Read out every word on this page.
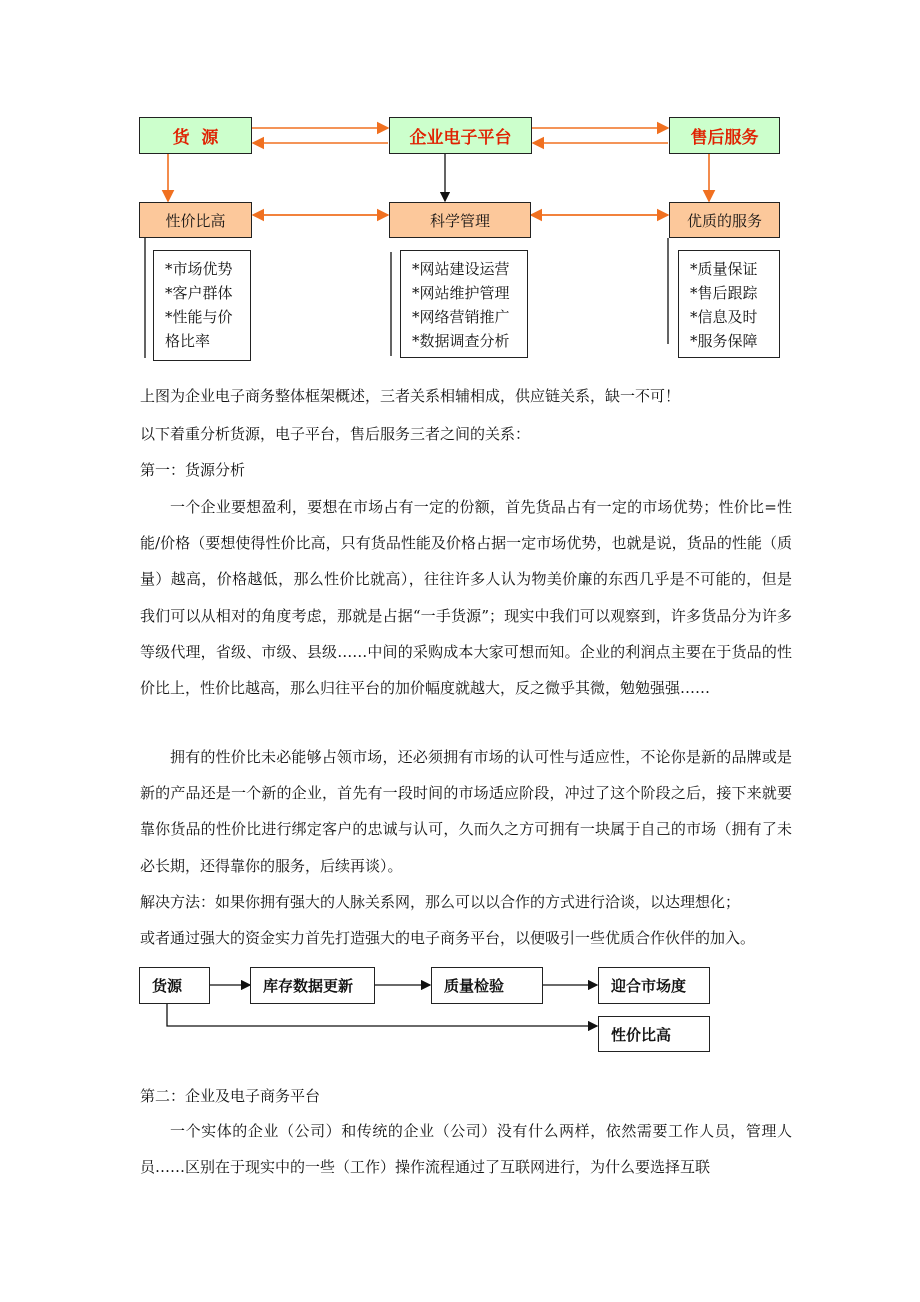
货  源	企业电子平台	售后服务
性价比高	科学管理	优质的服务
*市场优势
*客户群体
*性能与价
格比率
*网站建设运营
*网站维护管理
*网络营销推广
*数据调查分析
*质量保证
*售后跟踪
*信息及时
*服务保障
上图为企业电子商务整体框架概述，三者关系相辅相成，供应链关系，缺一不可！
以下着重分析货源，电子平台，售后服务三者之间的关系：
第一：货源分析
一个企业要想盈利，要想在市场占有一定的份额，首先货品占有一定的市场优势；性价比=性能/价格（要想使得性价比高，只有货品性能及价格占据一定市场优势，也就是说，货品的性能（质量）越高，价格越低，那么性价比就高），往往许多人认为物美价廉的东西几乎是不可能的，但是我们可以从相对的角度考虑，那就是占据“一手货源”；现实中我们可以观察到，许多货品分为许多等级代理，省级、市级、县级……中间的采购成本大家可想而知。企业的利润点主要在于货品的性价比上，性价比越高，那么归往平台的加价幅度就越大，反之微乎其微，勉勉强强……
拥有的性价比未必能够占领市场，还必须拥有市场的认可性与适应性，不论你是新的品牌或是新的产品还是一个新的企业，首先有一段时间的市场适应阶段，冲过了这个阶段之后，接下来就要靠你货品的性价比进行绑定客户的忠诚与认可，久而久之方可拥有一块属于自己的市场（拥有了未必长期，还得靠你的服务，后续再谈）。
解决方法：如果你拥有强大的人脉关系网，那么可以以合作的方式进行洽谈，以达理想化；
或者通过强大的资金实力首先打造强大的电子商务平台，以便吸引一些优质合作伙伴的加入。
货源	库存数据更新	质量检验	迎合市场度
性价比高
第二：企业及电子商务平台
一个实体的企业（公司）和传统的企业（公司）没有什么两样，依然需要工作人员，管理人员……区别在于现实中的一些（工作）操作流程通过了互联网进行，为什么要选择互联
